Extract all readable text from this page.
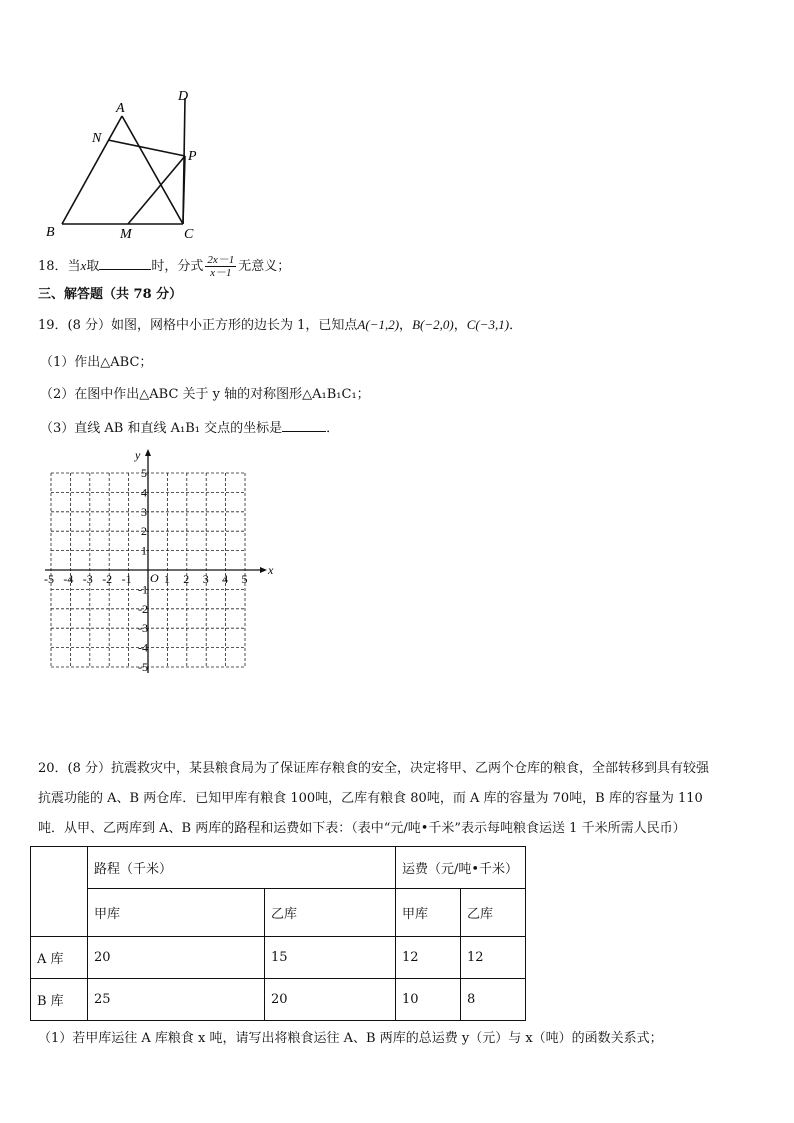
A
D
N
P
B	M	C
18．当x取	时，分式 $\frac{2x-1}{x-1}$ 无意义；
三、解答题（共 78 分）
19．(8 分）如图，网格中小正方形的边长为 1，已知点A(−1,2)，B(−2,0)，C(−3,1)．
（1）作出△ABC；
（2）在图中作出△ABC 关于 y 轴的对称图形△A₁B₁C₁；
（3）直线 AB 和直线 A₁B₁ 交点的坐标是	．
x
y
O
-5 -4 -3 -2 -1	1 2 3 4 5
5
4
3
2
1
-1
-2
-3
-4
-5
20．(8 分）抗震救灾中，某县粮食局为了保证库存粮食的安全，决定将甲、乙两个仓库的粮食，全部转移到具有较强
抗震功能的 A、B 两仓库．已知甲库有粮食 100吨，乙库有粮食 80吨，而 A 库的容量为 70吨，B 库的容量为 110
吨．从甲、乙两库到 A、B 两库的路程和运费如下表：（表中“元/吨•千米”表示每吨粮食运送 1 千米所需人民币）
	路程（千米）		运费（元/吨•千米）	
	甲库	乙库	甲库	乙库
A 库	20	15	12	12
B 库	25	20	10	8
（1）若甲库运往 A 库粮食 x 吨，请写出将粮食运往 A、B 两库的总运费 y（元）与 x（吨）的函数关系式；
